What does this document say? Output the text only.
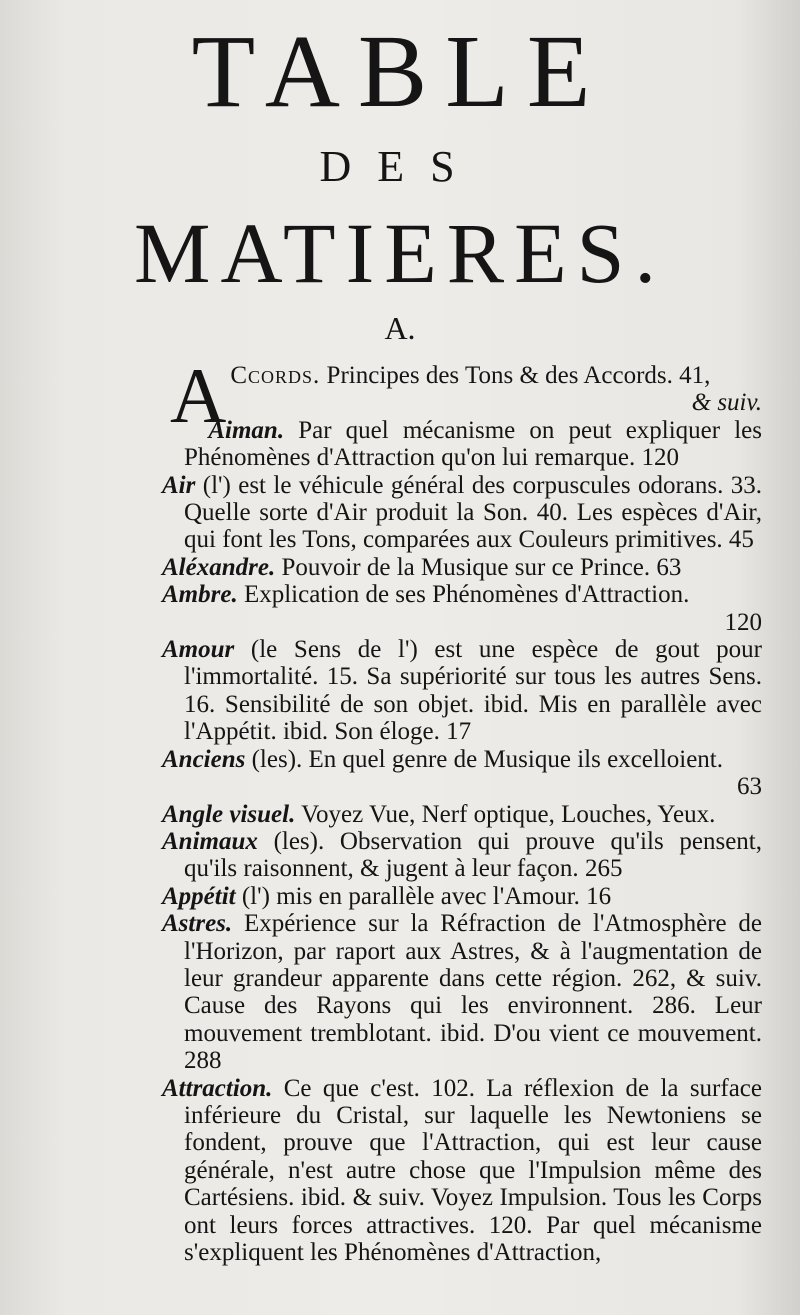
TABLE
DES
MATIERES.
A.

A Ccords. Principes des Tons & des Accords. 41,
& suiv.

Aiman. Par quel mécanisme on peut expliquer les Phénomènes d'Attraction qu'on lui remarque. 120

Air (l') est le véhicule général des corpuscules odorans. 33. Quelle sorte d'Air produit la Son. 40. Les espèces d'Air, qui font les Tons, comparées aux Couleurs primitives. 45

Aléxandre. Pouvoir de la Musique sur ce Prince. 63

Ambre. Explication de ses Phénomènes d'Attraction.
120

Amour (le Sens de l') est une espèce de gout pour l'immortalité. 15. Sa supériorité sur tous les autres Sens. 16. Sensibilité de son objet. ibid. Mis en parallèle avec l'Appétit. ibid. Son éloge. 17

Anciens (les). En quel genre de Musique ils excelloient.
63

Angle visuel. Voyez Vue, Nerf optique, Louches, Yeux.

Animaux (les). Observation qui prouve qu'ils pensent, qu'ils raisonnent, & jugent à leur façon. 265

Appétit (l') mis en parallèle avec l'Amour. 16

Astres. Expérience sur la Réfraction de l'Atmosphère de l'Horizon, par raport aux Astres, & à l'augmentation de leur grandeur apparente dans cette région. 262, & suiv. Cause des Rayons qui les environnent. 286. Leur mouvement tremblotant. ibid. D'ou vient ce mouvement. 288

Attraction. Ce que c'est. 102. La réflexion de la surface inférieure du Cristal, sur laquelle les Newtoniens se fondent, prouve que l'Attraction, qui est leur cause générale, n'est autre chose que l'Impulsion même des Cartésiens. ibid. & suiv. Voyez Impulsion. Tous les Corps ont leurs forces attractives. 120. Par quel mécanisme s'expliquent les Phénomènes d'Attraction,
